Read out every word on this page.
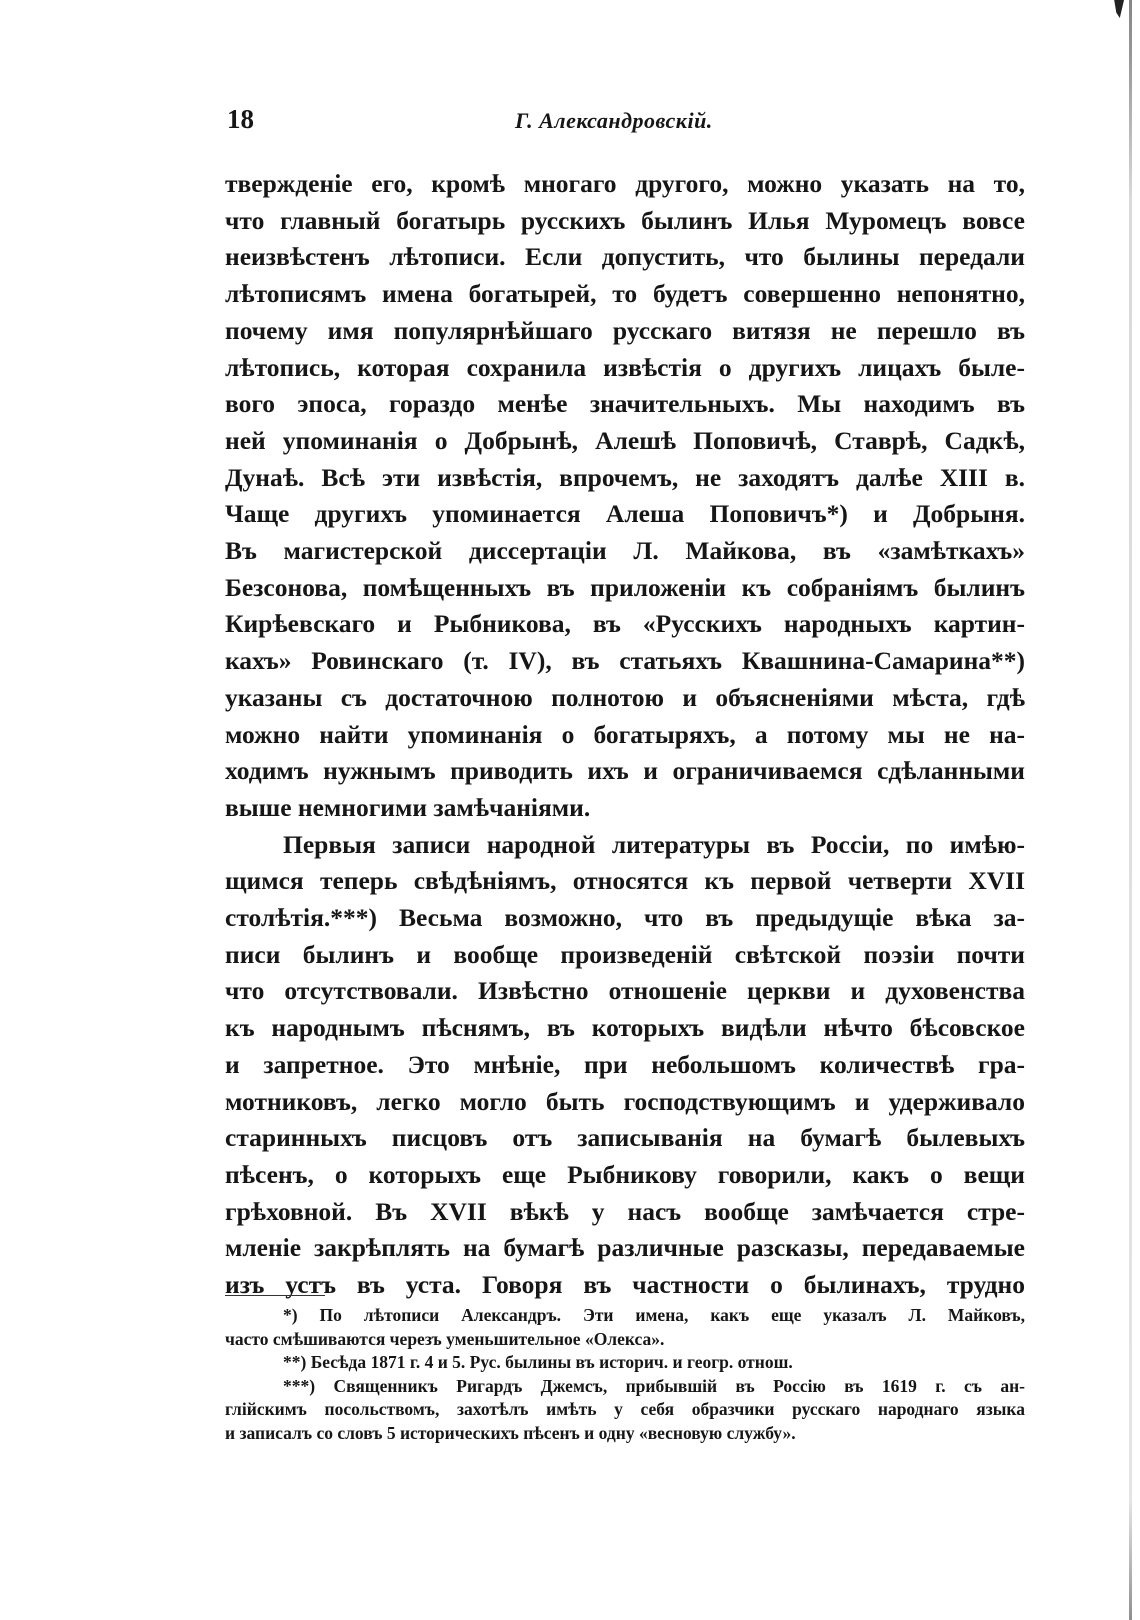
18	Г. Александровскій.
твержденіе его, кромѣ многаго другого, можно указать на то,
что главный богатырь русскихъ былинъ Илья Муромецъ вовсе
неизвѣстенъ лѣтописи. Если допустить, что былины передали
лѣтописямъ имена богатырей, то будетъ совершенно непонятно,
почему имя популярнѣйшаго русскаго витязя не перешло въ
лѣтопись, которая сохранила извѣстія о другихъ лицахъ быле-
вого эпоса, гораздо менѣе значительныхъ. Мы находимъ въ
ней упоминанія о Добрынѣ, Алешѣ Поповичѣ, Ставрѣ, Садкѣ,
Дунаѣ. Всѣ эти извѣстія, впрочемъ, не заходятъ далѣе XIII в.
Чаще другихъ упоминается Алеша Поповичъ*) и Добрыня.
Въ магистерской диссертаціи Л. Майкова, въ «замѣткахъ»
Безсонова, помѣщенныхъ въ приложеніи къ собраніямъ былинъ
Кирѣевскаго и Рыбникова, въ «Русскихъ народныхъ картин-
кахъ» Ровинскаго (т. IV), въ статьяхъ Квашнина-Самарина**)
указаны съ достаточною полнотою и объясненіями мѣста, гдѣ
можно найти упоминанія о богатыряхъ, а потому мы не на-
ходимъ нужнымъ приводить ихъ и ограничиваемся сдѣланными
выше немногими замѣчаніями.
Первыя записи народной литературы въ Россіи, по имѣю-
щимся теперь свѣдѣніямъ, относятся къ первой четверти XVII
столѣтія.***) Весьма возможно, что въ предыдущіе вѣка за-
писи былинъ и вообще произведеній свѣтской поэзіи почти
что отсутствовали. Извѣстно отношеніе церкви и духовенства
къ народнымъ пѣснямъ, въ которыхъ видѣли нѣчто бѣсовское
и запретное. Это мнѣніе, при небольшомъ количествѣ гра-
мотниковъ, легко могло быть господствующимъ и удерживало
старинныхъ писцовъ отъ записыванія на бумагѣ былевыхъ
пѣсенъ, о которыхъ еще Рыбникову говорили, какъ о вещи
грѣховной. Въ XVII вѣкѣ у насъ вообще замѣчается стре-
мленіе закрѣплять на бумагѣ различные разсказы, передаваемые
изъ устъ въ уста. Говоря въ частности о былинахъ, трудно
*) По лѣтописи Александръ. Эти имена, какъ еще указалъ Л. Майковъ,
часто смѣшиваются черезъ уменьшительное «Олекса».
**) Бесѣда 1871 г. 4 и 5. Рус. былины въ историч. и геогр. отнош.
***) Священникъ Ригардъ Джемсъ, прибывшій въ Россію въ 1619 г. съ ан-
глійскимъ посольствомъ, захотѣлъ имѣть у себя образчики русскаго народнаго языка
и записалъ со словъ 5 историческихъ пѣсенъ и одну «весновую службу».
